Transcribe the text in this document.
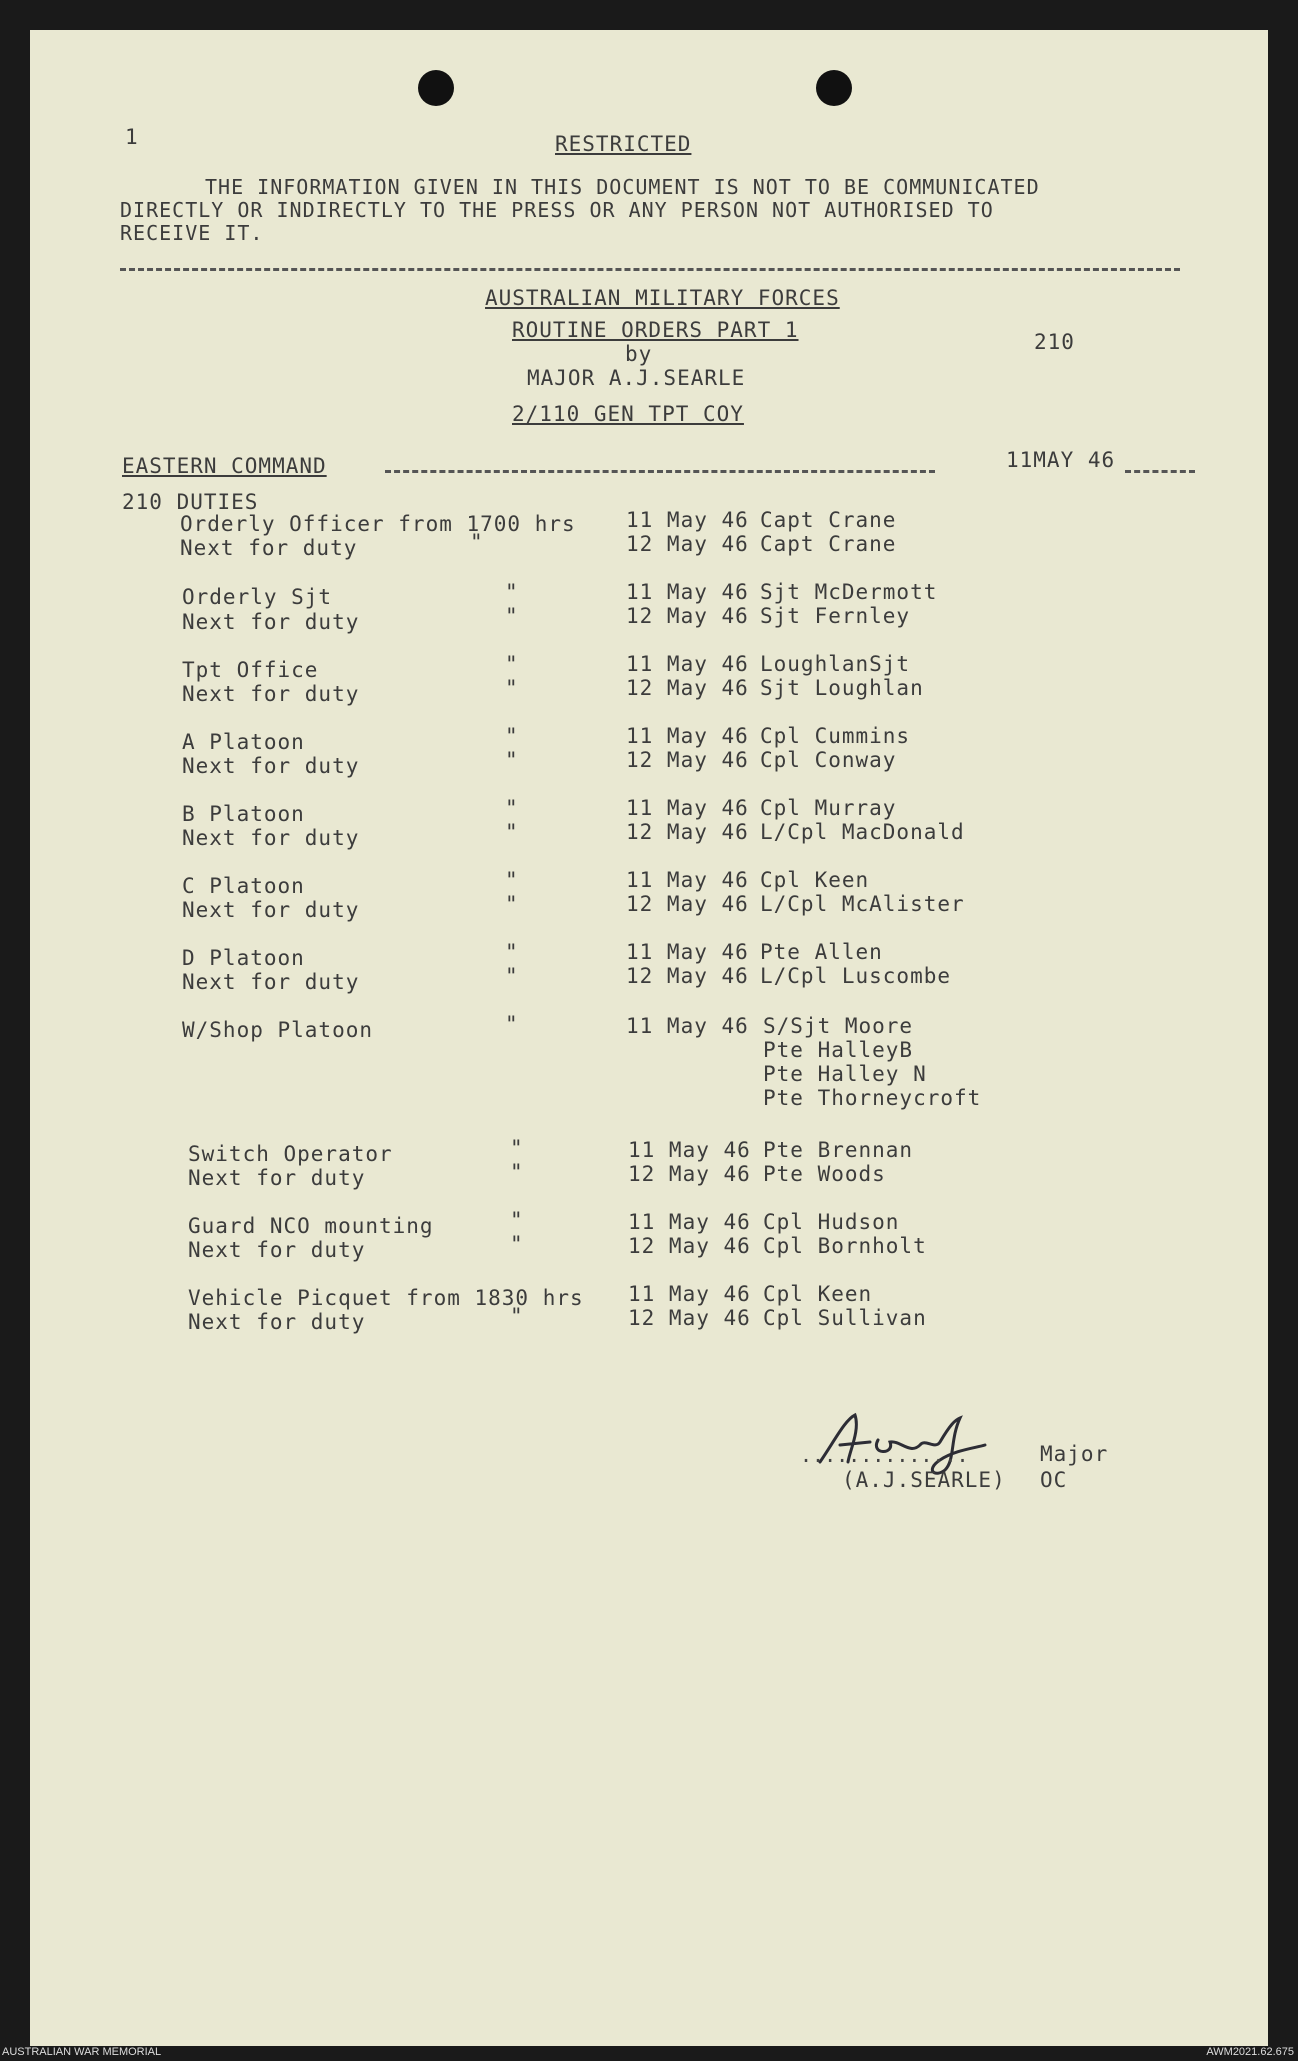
1	RESTRICTED
THE INFORMATION GIVEN IN THIS DOCUMENT IS NOT TO BE COMMUNICATED
DIRECTLY OR INDIRECTLY TO THE PRESS OR ANY PERSON NOT AUTHORISED TO
RECEIVE IT.
AUSTRALIAN MILITARY FORCES
ROUTINE ORDERS PART 1
by
MAJOR A.J.SEARLE
2/110 GEN TPT COY
210
EASTERN COMMAND	11MAY 46
210 DUTIES
Orderly Officer from 1700 hrs 11 May 46 Capt Crane
Next for duty	"	12 May 46 Capt Crane
Orderly Sjt	"	11 May 46 Sjt McDermott
Next for duty	"	12 May 46 Sjt Fernley
Tpt Office	"	11 May 46 LoughlanSjt
Next for duty	"	12 May 46 Sjt Loughlan
A Platoon	"	11 May 46 Cpl Cummins
Next for duty	"	12 May 46 Cpl Conway
B Platoon	"	11 May 46 Cpl Murray
Next for duty	"	12 May 46 L/Cpl MacDonald
C Platoon	"	11 May 46 Cpl Keen
Next for duty	"	12 May 46 L/Cpl McAlister
D Platoon	"	11 May 46 Pte Allen
Next for duty	"	12 May 46 L/Cpl Luscombe
W/Shop Platoon	"	11 May 46 S/Sjt Moore
Pte HalleyB
Pte Halley N
Pte Thorneycroft
Switch Operator	"	11 May 46 Pte Brennan
Next for duty	"	12 May 46 Pte Woods
Guard NCO mounting	"	11 May 46 Cpl Hudson
Next for duty	"	12 May 46 Cpl Bornholt
Vehicle Picquet from 1830 hrs 11 May 46 Cpl Keen
Next for duty	"	12 May 46 Cpl Sullivan
..............	Major
(A.J.SEARLE) OC
AUSTRALIAN WAR MEMORIAL	AWM2021.62.675
